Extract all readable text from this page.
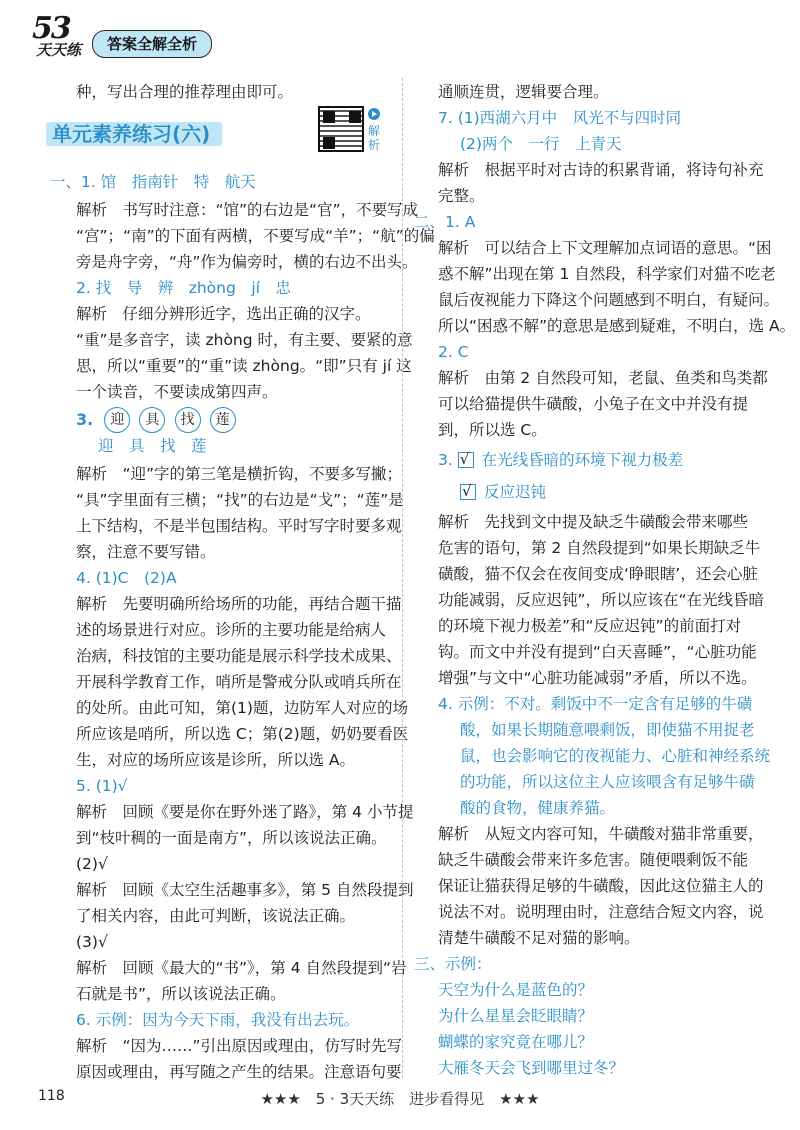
53
天天练	答案全解全析
种，写出合理的推荐理由即可。
单元素养练习(六)	解析
一、1. 馆　指南针　特　航天
解析　书写时注意：“馆”的右边是“官”，不要写成
“宫”；“南”的下面有两横，不要写成“羊”；“航”的偏
旁是舟字旁，“舟”作为偏旁时，横的右边不出头。
2. 找　导　辨　zhòng　jí　忠
解析　仔细分辨形近字，选出正确的汉字。
“重”是多音字，读 zhòng 时，有主要、要紧的意
思，所以“重要”的“重”读 zhòng。“即”只有 jí 这
一个读音，不要读成第四声。
3. 迎 具 找 莲
迎　具　找　莲
解析　“迎”字的第三笔是横折钩，不要多写撇；
“具”字里面有三横；“找”的右边是“戈”；“莲”是
上下结构，不是半包围结构。平时写字时要多观
察，注意不要写错。
4. (1)C　(2)A
解析　先要明确所给场所的功能，再结合题干描
述的场景进行对应。诊所的主要功能是给病人
治病，科技馆的主要功能是展示科学技术成果、
开展科学教育工作，哨所是警戒分队或哨兵所在
的处所。由此可知，第(1)题，边防军人对应的场
所应该是哨所，所以选 C；第(2)题，奶奶要看医
生，对应的场所应该是诊所，所以选 A。
5. (1)√
解析　回顾《要是你在野外迷了路》，第 4 小节提
到“枝叶稠的一面是南方”，所以该说法正确。
(2)√
解析　回顾《太空生活趣事多》，第 5 自然段提到
了相关内容，由此可判断，该说法正确。
(3)√
解析　回顾《最大的“书”》，第 4 自然段提到“岩
石就是书”，所以该说法正确。
6. 示例：因为今天下雨，我没有出去玩。
解析　“因为……”引出原因或理由，仿写时先写
原因或理由，再写随之产生的结果。注意语句要
通顺连贯，逻辑要合理。
7. (1)西湖六月中　风光不与四时同
(2)两个　一行　上青天
解析　根据平时对古诗的积累背诵，将诗句补充
完整。
二、1. A
解析　可以结合上下文理解加点词语的意思。“困
惑不解”出现在第 1 自然段，科学家们对猫不吃老
鼠后夜视能力下降这个问题感到不明白，有疑问。
所以“困惑不解”的意思是感到疑难，不明白，选 A。
2. C
解析　由第 2 自然段可知，老鼠、鱼类和鸟类都
可以给猫提供牛磺酸，小兔子在文中并没有提
到，所以选 C。
3. √ 在光线昏暗的环境下视力极差
√ 反应迟钝
解析　先找到文中提及缺乏牛磺酸会带来哪些
危害的语句，第 2 自然段提到“如果长期缺乏牛
磺酸，猫不仅会在夜间变成‘睁眼瞎’，还会心脏
功能减弱，反应迟钝”，所以应该在“在光线昏暗
的环境下视力极差”和“反应迟钝”的前面打对
钩。而文中并没有提到“白天喜睡”，“心脏功能
增强”与文中“心脏功能减弱”矛盾，所以不选。
4. 示例：不对。剩饭中不一定含有足够的牛磺
酸，如果长期随意喂剩饭，即使猫不用捉老
鼠，也会影响它的夜视能力、心脏和神经系统
的功能，所以这位主人应该喂含有足够牛磺
酸的食物，健康养猫。
解析　从短文内容可知，牛磺酸对猫非常重要，
缺乏牛磺酸会带来许多危害。随便喂剩饭不能
保证让猫获得足够的牛磺酸，因此这位猫主人的
说法不对。说明理由时，注意结合短文内容，说
清楚牛磺酸不足对猫的影响。
三、示例：
天空为什么是蓝色的？
为什么星星会眨眼睛？
蝴蝶的家究竟在哪儿？
大雁冬天会飞到哪里过冬？
118	★★★　5 · 3天天练　进步看得见　★★★
